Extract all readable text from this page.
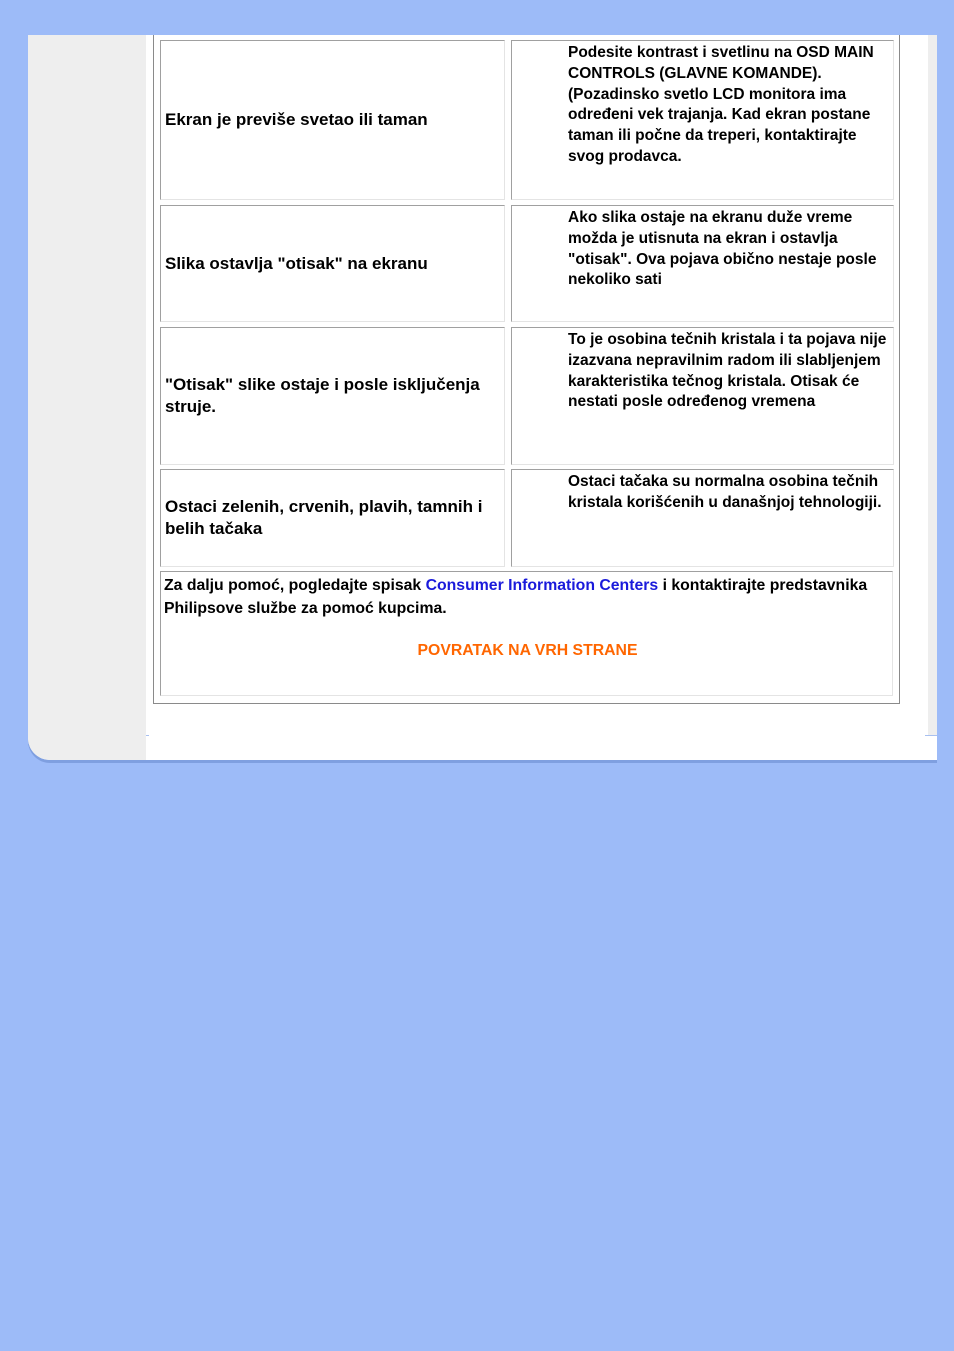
Ekran je previše svetao ili taman
Podesite kontrast i svetlinu na OSD MAIN CONTROLS (GLAVNE KOMANDE). (Pozadinsko svetlo LCD monitora ima određeni vek trajanja. Kad ekran postane taman ili počne da treperi, kontaktirajte svog prodavca.
Slika ostavlja "otisak" na ekranu
Ako slika ostaje na ekranu duže vreme možda je utisnuta na ekran i ostavlja "otisak". Ova pojava obično nestaje posle nekoliko sati
"Otisak" slike ostaje i posle isključenja struje.
To je osobina tečnih kristala i ta pojava nije izazvana nepravilnim radom ili slabljenjem karakteristika tečnog kristala. Otisak će nestati posle određenog vremena
Ostaci zelenih, crvenih, plavih, tamnih i belih tačaka
Ostaci tačaka su normalna osobina tečnih kristala korišćenih u današnjoj tehnologiji.
Za dalju pomoć, pogledajte spisak Consumer Information Centers i kontaktirajte predstavnika Philipsove službe za pomoć kupcima.
POVRATAK NA VRH STRANE
